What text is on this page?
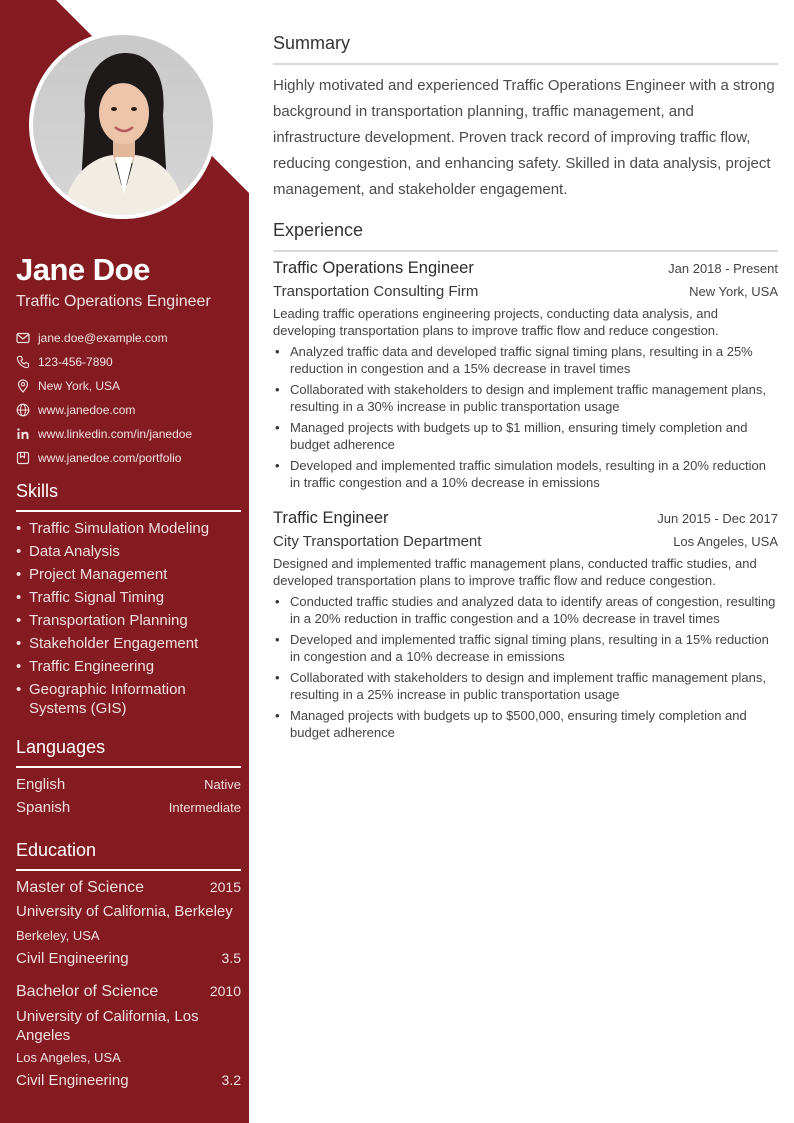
Jane Doe
Traffic Operations Engineer
jane.doe@example.com
123-456-7890
New York, USA
www.janedoe.com
www.linkedin.com/in/janedoe
www.janedoe.com/portfolio
Skills
• Traffic Simulation Modeling
• Data Analysis
• Project Management
• Traffic Signal Timing
• Transportation Planning
• Stakeholder Engagement
• Traffic Engineering
• Geographic Information Systems (GIS)
Languages
English	Native
Spanish	Intermediate
Education
Master of Science	2015
University of California, Berkeley
Berkeley, USA
Civil Engineering	3.5
Bachelor of Science	2010
University of California, Los Angeles
Los Angeles, USA
Civil Engineering	3.2
Summary
Highly motivated and experienced Traffic Operations Engineer with a strong background in transportation planning, traffic management, and infrastructure development. Proven track record of improving traffic flow, reducing congestion, and enhancing safety. Skilled in data analysis, project management, and stakeholder engagement.
Experience
Traffic Operations Engineer	Jan 2018 - Present
Transportation Consulting Firm	New York, USA
Leading traffic operations engineering projects, conducting data analysis, and developing transportation plans to improve traffic flow and reduce congestion.
• Analyzed traffic data and developed traffic signal timing plans, resulting in a 25% reduction in congestion and a 15% decrease in travel times
• Collaborated with stakeholders to design and implement traffic management plans, resulting in a 30% increase in public transportation usage
• Managed projects with budgets up to $1 million, ensuring timely completion and budget adherence
• Developed and implemented traffic simulation models, resulting in a 20% reduction in traffic congestion and a 10% decrease in emissions
Traffic Engineer	Jun 2015 - Dec 2017
City Transportation Department	Los Angeles, USA
Designed and implemented traffic management plans, conducted traffic studies, and developed transportation plans to improve traffic flow and reduce congestion.
• Conducted traffic studies and analyzed data to identify areas of congestion, resulting in a 20% reduction in traffic congestion and a 10% decrease in travel times
• Developed and implemented traffic signal timing plans, resulting in a 15% reduction in congestion and a 10% decrease in emissions
• Collaborated with stakeholders to design and implement traffic management plans, resulting in a 25% increase in public transportation usage
• Managed projects with budgets up to $500,000, ensuring timely completion and budget adherence
